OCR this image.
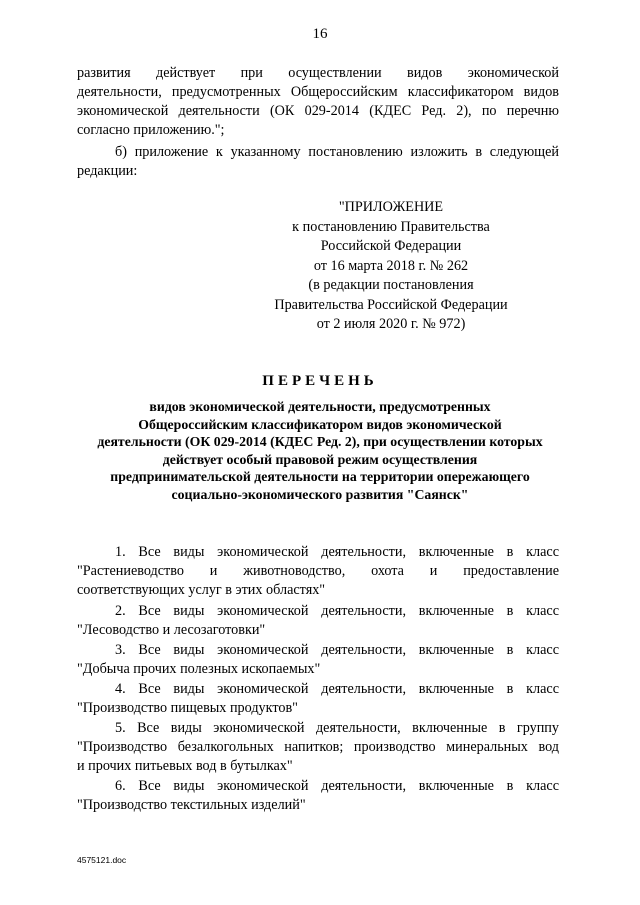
16
развития действует при осуществлении видов экономической
деятельности, предусмотренных Общероссийским классификатором видов
экономической деятельности (ОК 029-2014 (КДЕС Ред. 2), по перечню
согласно приложению.";
б) приложение к указанному постановлению изложить в следующей
редакции:
"ПРИЛОЖЕНИЕ
к постановлению Правительства
Российской Федерации
от 16 марта 2018 г. № 262
(в редакции постановления
Правительства Российской Федерации
от 2 июля 2020 г. № 972)
ПЕРЕЧЕНЬ
видов экономической деятельности, предусмотренных
Общероссийским классификатором видов экономической
деятельности (ОК 029-2014 (КДЕС Ред. 2), при осуществлении которых
действует особый правовой режим осуществления
предпринимательской деятельности на территории опережающего
социально-экономического развития "Саянск"
1. Все виды экономической деятельности, включенные в класс
"Растениеводство и животноводство, охота и предоставление
соответствующих услуг в этих областях"
2. Все виды экономической деятельности, включенные в класс
"Лесоводство и лесозаготовки"
3. Все виды экономической деятельности, включенные в класс
"Добыча прочих полезных ископаемых"
4. Все виды экономической деятельности, включенные в класс
"Производство пищевых продуктов"
5. Все виды экономической деятельности, включенные в группу
"Производство безалкогольных напитков; производство минеральных вод
и прочих питьевых вод в бутылках"
6. Все виды экономической деятельности, включенные в класс
"Производство текстильных изделий"
4575121.doc
